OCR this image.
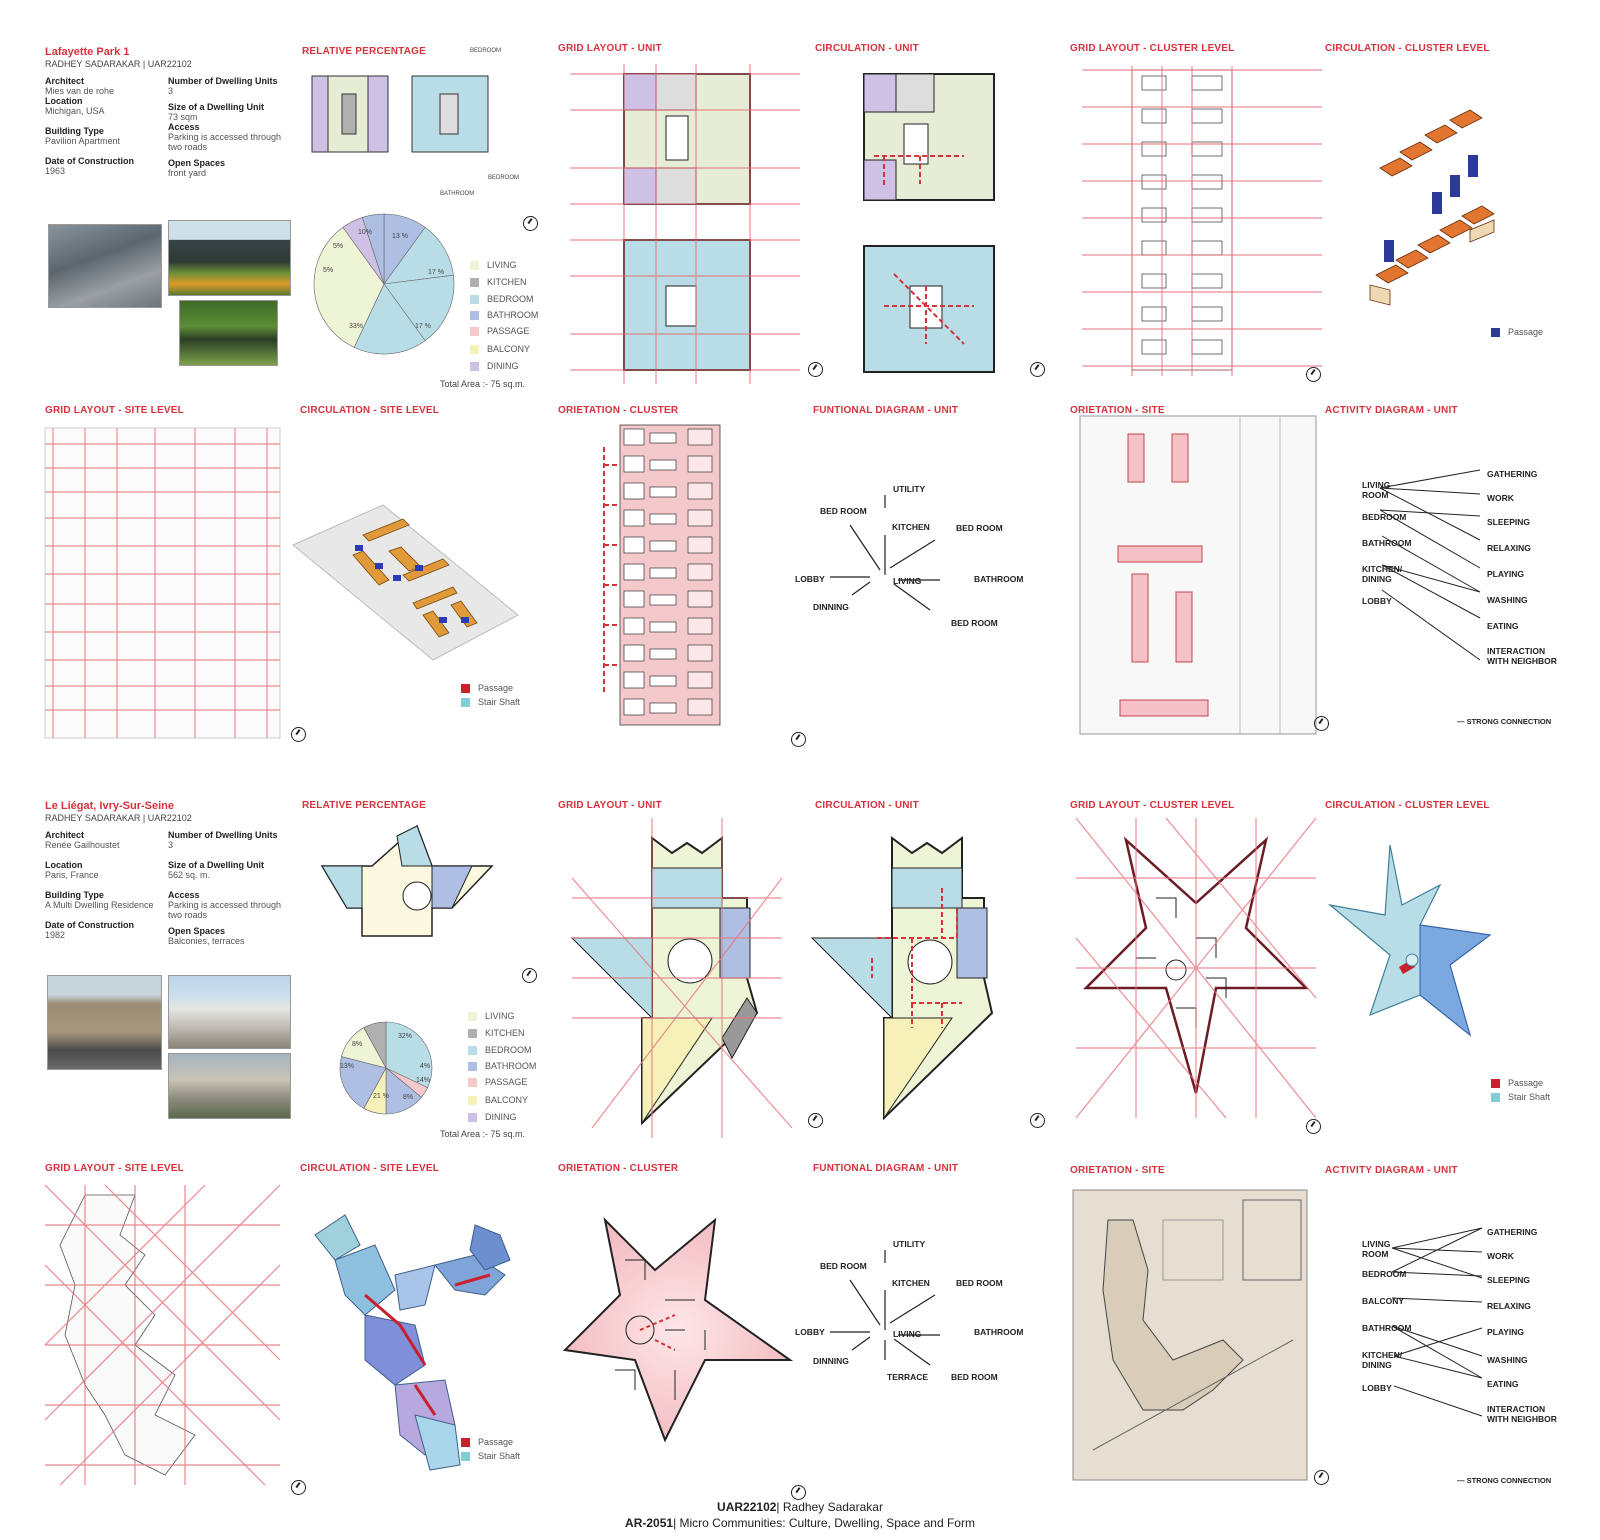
Lafayette Park 1
RADHEY SADARAKAR | UAR22102
Architect
Mies van de rohe
Location
Michigan, USA
Building Type
Pavilion Apartment
Date of Construction
1963
Number of Dwelling Units
3
Size of a Dwelling Unit
73 sqm
Access
Parking is accessed through two roads
Open Spaces
front yard
RELATIVE PERCENTAGE	BEDROOM
BEDROOM
BATHROOM
10%
13 %
5%
5%	17 %
33%	17 %
LIVING
KITCHEN
BEDROOM
BATHROOM
PASSAGE
BALCONY
DINING
Total Area :- 75 sq.m.
GRID LAYOUT - UNIT	CIRCULATION - UNIT	GRID LAYOUT - CLUSTER LEVEL	CIRCULATION - CLUSTER LEVEL
Passage
GRID LAYOUT - SITE LEVEL	CIRCULATION - SITE LEVEL
Passage
Stair Shaft
ORIETATION - CLUSTER	FUNTIONAL DIAGRAM - UNIT
UTILITY
BED ROOM
KITCHEN	BED ROOM
LOBBY	LIVING	BATHROOM
DINNING
BED ROOM
ORIETATION - SITE	ACTIVITY DIAGRAM - UNIT
LIVING ROOM
BEDROOM
BATHROOM
KITCHEN/ DINING
LOBBY
GATHERING
WORK
SLEEPING
RELAXING
PLAYING
WASHING
EATING
INTERACTION WITH NEIGHBOR
— STRONG CONNECTION
Le Liégat, Ivry-Sur-Seine
RADHEY SADARAKAR | UAR22102
Architect
Renée Gailhoustet
Location
Paris, France
Building Type
A Multi Dwelling Residence
Date of Construction
1982
Number of Dwelling Units
3
Size of a Dwelling Unit
562 sq. m.
Access
Parking is accessed through two roads
Open Spaces
Balconies, terraces
RELATIVE PERCENTAGE
8%
32%
13%	4%
14%
21 % 8%
LIVING
KITCHEN
BEDROOM
BATHROOM
PASSAGE
BALCONY
DINING
Total Area :- 75 sq.m.
GRID LAYOUT - UNIT	CIRCULATION - UNIT	GRID LAYOUT - CLUSTER LEVEL	CIRCULATION - CLUSTER LEVEL
Passage
Stair Shaft
GRID LAYOUT - SITE LEVEL	CIRCULATION - SITE LEVEL
Passage
Stair Shaft
ORIETATION - CLUSTER	FUNTIONAL DIAGRAM - UNIT
UTILITY
BED ROOM
KITCHEN	BED ROOM
LOBBY	LIVING	BATHROOM
DINNING
TERRACE	BED ROOM
ORIETATION - SITE	ACTIVITY DIAGRAM - UNIT
LIVING ROOM
BEDROOM
BALCONY
BATHROOM
KITCHEN/ DINING
LOBBY
GATHERING
WORK
SLEEPING
RELAXING
PLAYING
WASHING
EATING
INTERACTION WITH NEIGHBOR
— STRONG CONNECTION
UAR22102| Radhey Sadarakar
AR-2051| Micro Communities: Culture, Dwelling, Space and Form
